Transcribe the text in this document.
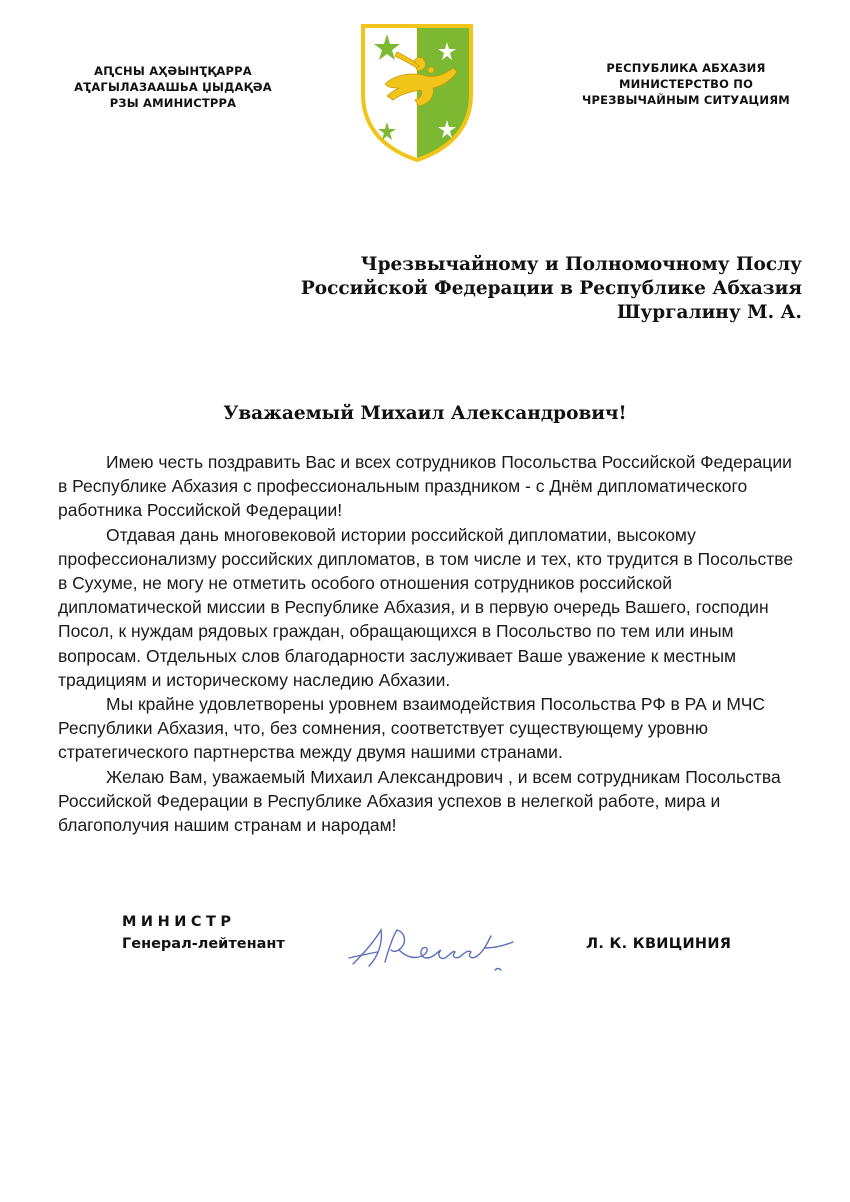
АԤСНЫ АҲӘЫНҬҚАРРА
АҬАГЫЛАЗААШЬА ЏЫДАҚӘА
РЗЫ АМИНИСТРРА
РЕСПУБЛИКА АБХАЗИЯ
МИНИСТЕРСТВО ПО
ЧРЕЗВЫЧАЙНЫМ СИТУАЦИЯМ
Чрезвычайному и Полномочному Послу
Российской Федерации в Республике Абхазия
Шургалину М. А.
Уважаемый Михаил Александрович!

Имею честь поздравить Вас и всех сотрудников Посольства Российской Федерации в Республике Абхазия с профессиональным праздником - с Днём дипломатического работника Российской Федерации!

Отдавая дань многовековой истории российской дипломатии, высокому профессионализму российских дипломатов, в том числе и тех, кто трудится в Посольстве в Сухуме, не могу не отметить особого отношения сотрудников российской дипломатической миссии в Республике Абхазия, и в первую очередь Вашего, господин Посол, к нуждам рядовых граждан, обращающихся в Посольство по тем или иным вопросам. Отдельных слов благодарности заслуживает Ваше уважение к местным традициям и историческому наследию Абхазии.

Мы крайне удовлетворены уровнем взаимодействия Посольства РФ в РА и МЧС Республики Абхазия, что, без сомнения, соответствует существующему уровню стратегического партнерства между двумя нашими странами.

Желаю Вам, уважаемый Михаил Александрович , и всем сотрудникам Посольства Российской Федерации в Республике Абхазия успехов в нелегкой работе, мира и благополучия нашим странам и народам!

МИНИСТР
Генерал-лейтенант	Л. К. КВИЦИНИЯ
